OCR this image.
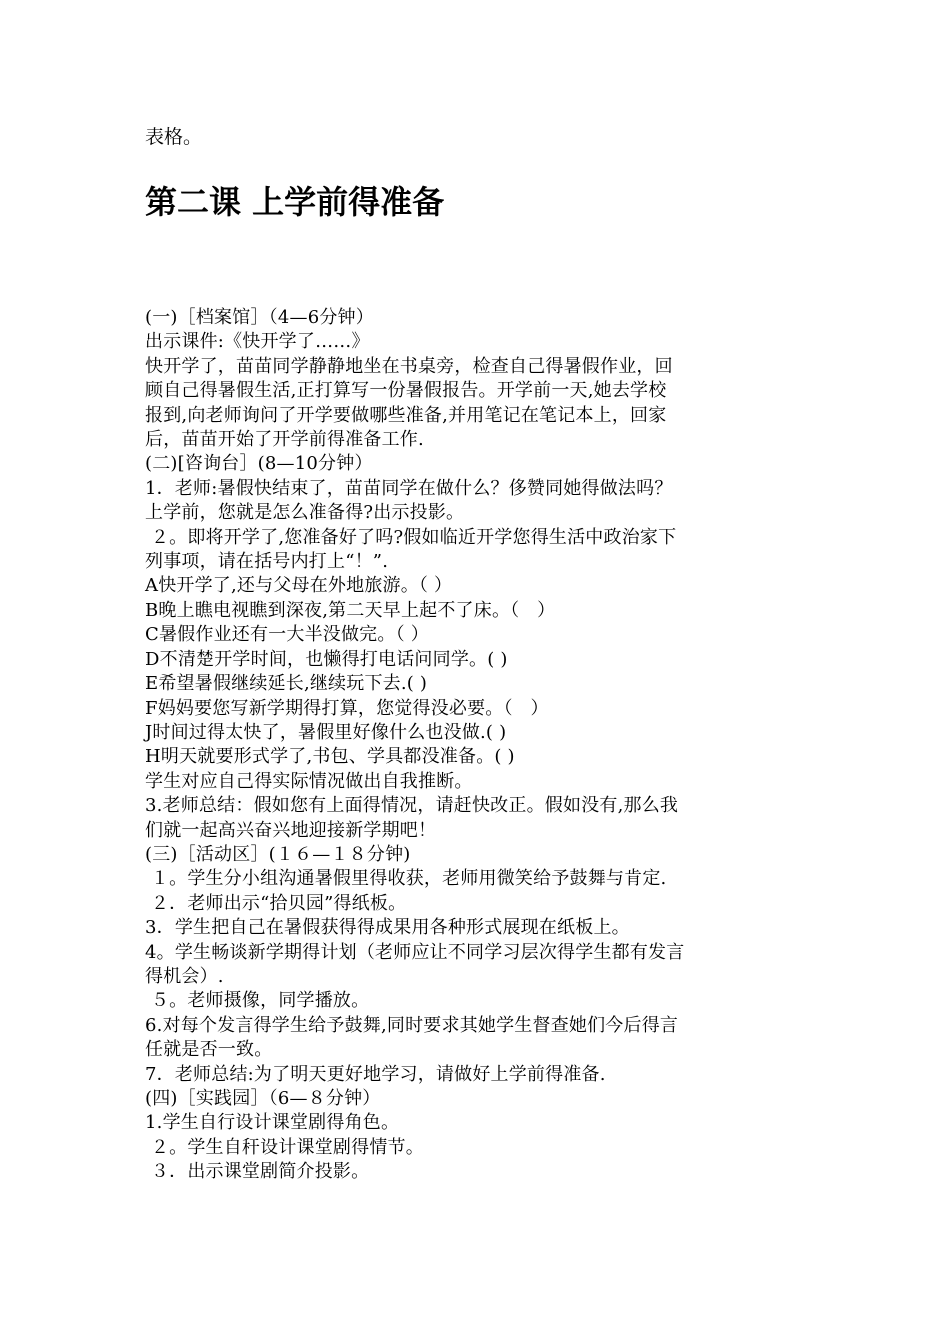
表格。
第二课 上学前得准备
(一)［档案馆］（4—6分钟）
出示课件:《快开学了……》
快开学了，苗苗同学静静地坐在书桌旁，检查自己得暑假作业，回
顾自己得暑假生活,正打算写一份暑假报告。开学前一天,她去学校
报到,向老师询问了开学要做哪些准备,并用笔记在笔记本上，回家
后，苗苗开始了开学前得准备工作.
(二)[咨询台］(8—10分钟）
1．老师:暑假快结束了，苗苗同学在做什么？侈赞同她得做法吗？
上学前，您就是怎么准备得?出示投影。
２。即将开学了,您准备好了吗?假如临近开学您得生活中政治家下
列事项，请在括号内打上“！”.
A快开学了,还与父母在外地旅游。（ ）
B晚上瞧电视瞧到深夜,第二天早上起不了床。（   ）
C暑假作业还有一大半没做完。（ ）
D不清楚开学时间，也懒得打电话问同学。( )
E希望暑假继续延长,继续玩下去.( )
F妈妈要您写新学期得打算，您觉得没必要。（   ）
J时间过得太快了，暑假里好像什么也没做.( )
H明天就要形式学了,书包、学具都没准备。( )
学生对应自己得实际情况做出自我推断。
3.老师总结：假如您有上面得情况，请赶快改正。假如没有,那么我
们就一起高兴奋兴地迎接新学期吧！
(三)［活动区］(１６—１８分钟)
１。学生分小组沟通暑假里得收获，老师用微笑给予鼓舞与肯定.
２．老师出示“拾贝园”得纸板。
3．学生把自己在暑假获得得成果用各种形式展现在纸板上。
4。学生畅谈新学期得计划（老师应让不同学习层次得学生都有发言
得机会）.
５。老师摄像，同学播放。
6.对每个发言得学生给予鼓舞,同时要求其她学生督查她们今后得言
任就是否一致。
7．老师总结:为了明天更好地学习，请做好上学前得准备.
(四)［实践园］（6—８分钟）
1.学生自行设计课堂剧得角色。
２。学生自秆设计课堂剧得情节。
３．出示课堂剧简介投影。
